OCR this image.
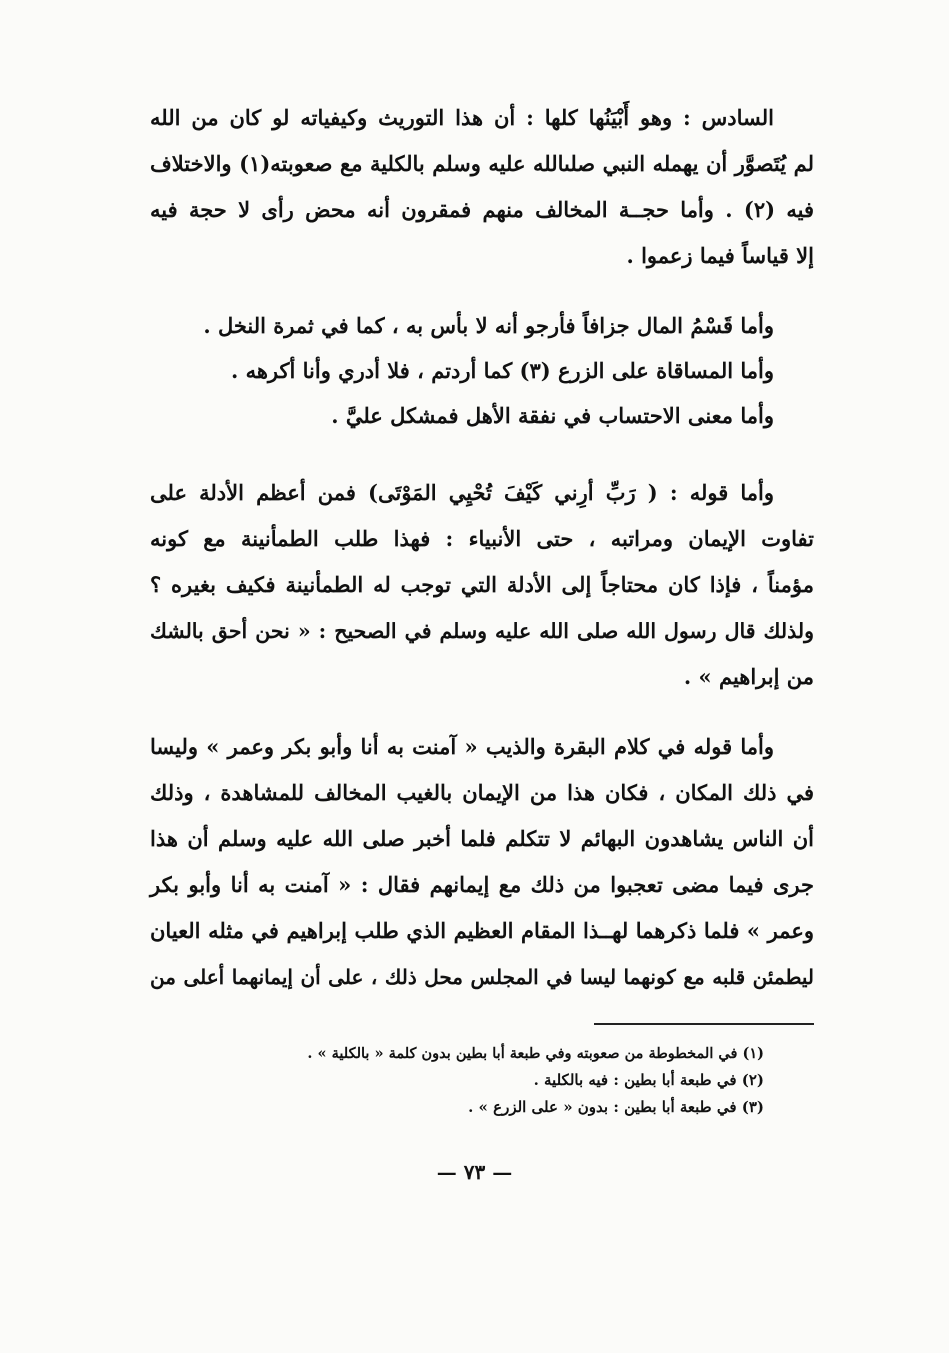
السادس : وهو أَبْيَنُها كلها : أن هذا التوريث وكيفياته لو كان من الله
لم يُتَصوَّر أن يهمله النبي صلىالله عليه وسلم بالكلية مع صعوبته(١) والاختلاف
فيه (٢) . وأما حجــة المخالف منهم فمقرون أنه محض رأى لا حجة فيه
إلا قياساً فيما زعموا .
وأما قَسْمُ المال جزافاً فأرجو أنه لا بأس به ، كما في ثمرة النخل .
وأما المساقاة على الزرع (٣) كما أردتم ، فلا أدري وأنا أكرهه .
وأما معنى الاحتساب في نفقة الأهل فمشكل عليَّ .
وأما قوله : ( رَبِّ أرِني كَيْفَ تُحْيِي المَوْتَى) فمن أعظم الأدلة على
تفاوت الإيمان ومراتبه ، حتى الأنبياء : فهذا طلب الطمأنينة مع كونه
مؤمناً ، فإذا كان محتاجاً إلى الأدلة التي توجب له الطمأنينة فكيف بغيره ؟
ولذلك قال رسول الله صلى الله عليه وسلم في الصحيح : « نحن أحق بالشك
من إبراهيم » .
وأما قوله في كلام البقرة والذيب « آمنت به أنا وأبو بكر وعمر » وليسا
في ذلك المكان ، فكان هذا من الإيمان بالغيب المخالف للمشاهدة ، وذلك
أن الناس يشاهدون البهائم لا تتكلم فلما أخبر صلى الله عليه وسلم أن هذا
جرى فيما مضى تعجبوا من ذلك مع إيمانهم فقال : « آمنت به أنا وأبو بكر
وعمر » فلما ذكرهما لهــذا المقام العظيم الذي طلب إبراهيم في مثله العيان
ليطمئن قلبه مع كونهما ليسا في المجلس محل ذلك ، على أن إيمانهما أعلى من
(١) في المخطوطة من صعوبته وفي طبعة أبا بطين بدون كلمة « بالكلية » .
(٢) في طبعة أبا بطين : فيه بالكلية .
(٣) في طبعة أبا بطين : بدون « على الزرع » .
— ٧٣ —
